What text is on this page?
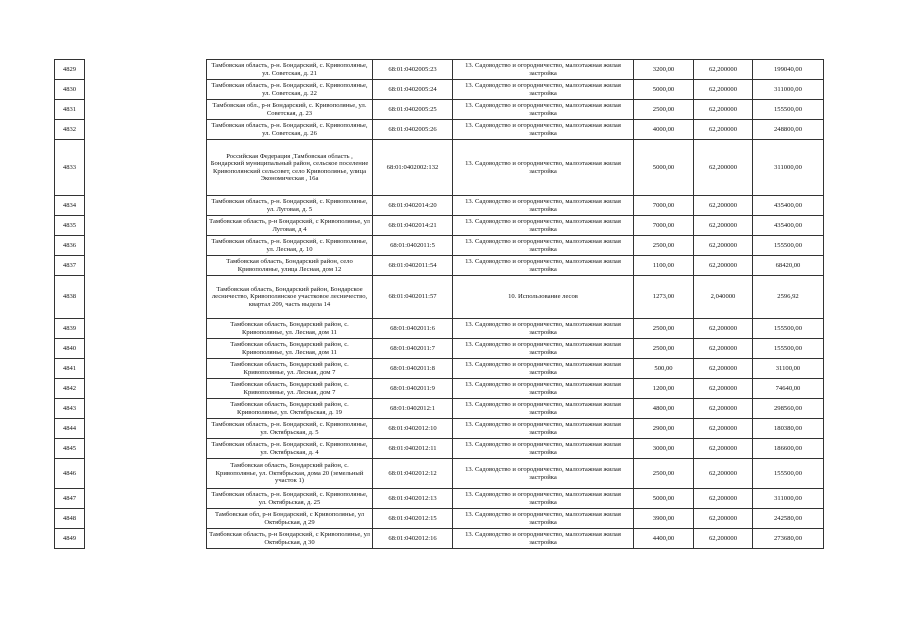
4829		Тамбовская область, р-н. Бондарский, с. Кривополянье, ул. Советская, д. 21	68:01:0402005:23	13. Садоводство и огородничество, малоэтажная жилая застройка	3200,00	62,200000	199040,00
4830		Тамбовская область, р-н. Бондарский, с. Кривополянье, ул. Советская, д. 22	68:01:0402005:24	13. Садоводство и огородничество, малоэтажная жилая застройка	5000,00	62,200000	311000,00
4831		Тамбовская обл., р-н Бондарский, с. Кривополянье, ул. Советская, д. 23	68:01:0402005:25	13. Садоводство и огородничество, малоэтажная жилая застройка	2500,00	62,200000	155500,00
4832		Тамбовская область, р-н. Бондарский, с. Кривополянье, ул. Советская, д. 26	68:01:0402005:26	13. Садоводство и огородничество, малоэтажная жилая застройка	4000,00	62,200000	248800,00
4833		Российская Федерация ,Тамбовская область , Бондарский муниципальный район, сельское поселение Кривополянский сельсовет, село Кривополянье, улица Экономическая , 16а	68:01:0402002:132	13. Садоводство и огородничество, малоэтажная жилая застройка	5000,00	62,200000	311000,00
4834		Тамбовская область, р-н. Бондарский, с. Кривополянье, ул. Луговая, д. 5	68:01:0402014:20	13. Садоводство и огородничество, малоэтажная жилая застройка	7000,00	62,200000	435400,00
4835		Тамбовская область, р-н Бондарский, с Кривополянье, ул Луговая, д 4	68:01:0402014:21	13. Садоводство и огородничество, малоэтажная жилая застройка	7000,00	62,200000	435400,00
4836		Тамбовская область, р-н. Бондарский, с. Кривополянье, ул. Лесная, д. 10	68:01:0402011:5	13. Садоводство и огородничество, малоэтажная жилая застройка	2500,00	62,200000	155500,00
4837		Тамбовская область, Бондарский район, село Кривополянье, улица Лесная, дом 12	68:01:0402011:54	13. Садоводство и огородничество, малоэтажная жилая застройка	1100,00	62,200000	68420,00
4838		Тамбовская область, Бондарский район, Бондарское лесничество, Кривополянское участковое лесничество, квартал 209, часть выдела 14	68:01:0402011:57	10. Использование лесов	1273,00	2,040000	2596,92
4839		Тамбовская область, Бондарский район, с. Кривополянье, ул. Лесная, дом 11	68:01:0402011:6	13. Садоводство и огородничество, малоэтажная жилая застройка	2500,00	62,200000	155500,00
4840		Тамбовская область, Бондарский район, с. Кривополянье, ул. Лесная, дом 11	68:01:0402011:7	13. Садоводство и огородничество, малоэтажная жилая застройка	2500,00	62,200000	155500,00
4841		Тамбовская область, Бондарский район, с. Кривополянье, ул. Лесная, дом 7	68:01:0402011:8	13. Садоводство и огородничество, малоэтажная жилая застройка	500,00	62,200000	31100,00
4842		Тамбовская область, Бондарский район, с. Кривополянье, ул. Лесная, дом 7	68:01:0402011:9	13. Садоводство и огородничество, малоэтажная жилая застройка	1200,00	62,200000	74640,00
4843		Тамбовская область, Бондарский район, с. Кривополянье, ул. Октябрьская, д. 19	68:01:0402012:1	13. Садоводство и огородничество, малоэтажная жилая застройка	4800,00	62,200000	298560,00
4844		Тамбовская область, р-н. Бондарский, с. Кривополянье, ул. Октябрьская, д. 5	68:01:0402012:10	13. Садоводство и огородничество, малоэтажная жилая застройка	2900,00	62,200000	180380,00
4845		Тамбовская область, р-н. Бондарский, с. Кривополянье, ул. Октябрьская, д. 4	68:01:0402012:11	13. Садоводство и огородничество, малоэтажная жилая застройка	3000,00	62,200000	186600,00
4846		Тамбовская область, Бондарский район, с. Кривополянье, ул. Октябрьская, дома 20 (земельный участок 1)	68:01:0402012:12	13. Садоводство и огородничество, малоэтажная жилая застройка	2500,00	62,200000	155500,00
4847		Тамбовская область, р-н. Бондарский, с. Кривополянье, ул. Октябрьская, д. 25	68:01:0402012:13	13. Садоводство и огородничество, малоэтажная жилая застройка	5000,00	62,200000	311000,00
4848		Тамбовская обл, р-н Бондарский, с Кривополянье, ул Октябрьская, д 29	68:01:0402012:15	13. Садоводство и огородничество, малоэтажная жилая застройка	3900,00	62,200000	242580,00
4849		Тамбовская область, р-н Бондарский, с Кривополянье, ул Октябрьская, д 30	68:01:0402012:16	13. Садоводство и огородничество, малоэтажная жилая застройка	4400,00	62,200000	273680,00
